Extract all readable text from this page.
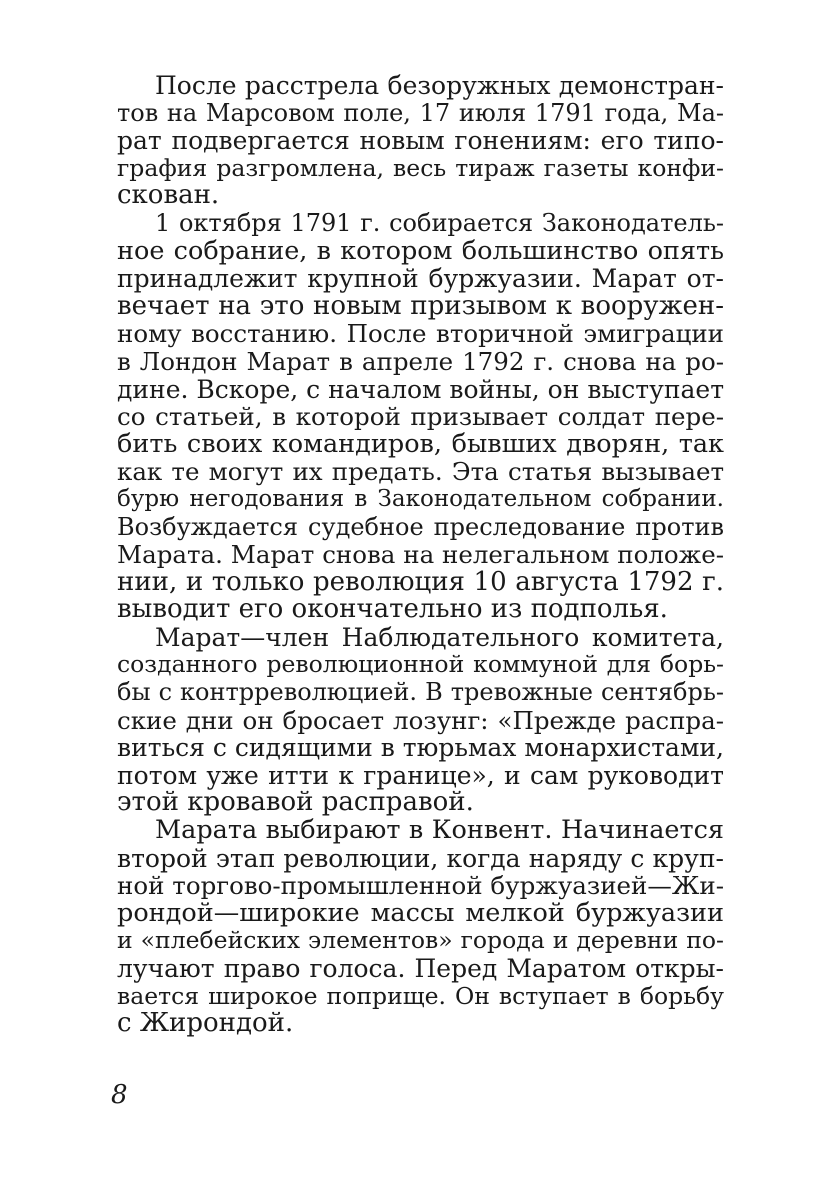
После расстрела безоружных демонстран-
тов на Марсовом поле, 17 июля 1791 года, Ма-
рат подвергается новым гонениям: его типо-
графия разгромлена, весь тираж газеты конфи-
скован.
1 октября 1791 г. собирается Законодатель-
ное собрание, в котором большинство опять
принадлежит крупной буржуазии. Марат от-
вечает на это новым призывом к вооружен-
ному восстанию. После вторичной эмиграции
в Лондон Марат в апреле 1792 г. снова на ро-
дине. Вскоре, с началом войны, он выступает
со статьей, в которой призывает солдат пере-
бить своих командиров, бывших дворян, так
как те могут их предать. Эта статья вызывает
бурю негодования в Законодательном собрании.
Возбуждается судебное преследование против
Марата. Марат снова на нелегальном положе-
нии, и только революция 10 августа 1792 г.
выводит его окончательно из подполья.
Марат—член Наблюдательного комитета,
созданного революционной коммуной для борь-
бы с контрреволюцией. В тревожные сентябрь-
ские дни он бросает лозунг: «Прежде распра-
виться с сидящими в тюрьмах монархистами,
потом уже итти к границе», и сам руководит
этой кровавой расправой.
Марата выбирают в Конвент. Начинается
второй этап революции, когда наряду с круп-
ной торгово-промышленной буржуазией—Жи-
рондой—широкие массы мелкой буржуазии
и «плебейских элементов» города и деревни по-
лучают право голоса. Перед Маратом откры-
вается широкое поприще. Он вступает в борьбу
с Жирондой.
8
